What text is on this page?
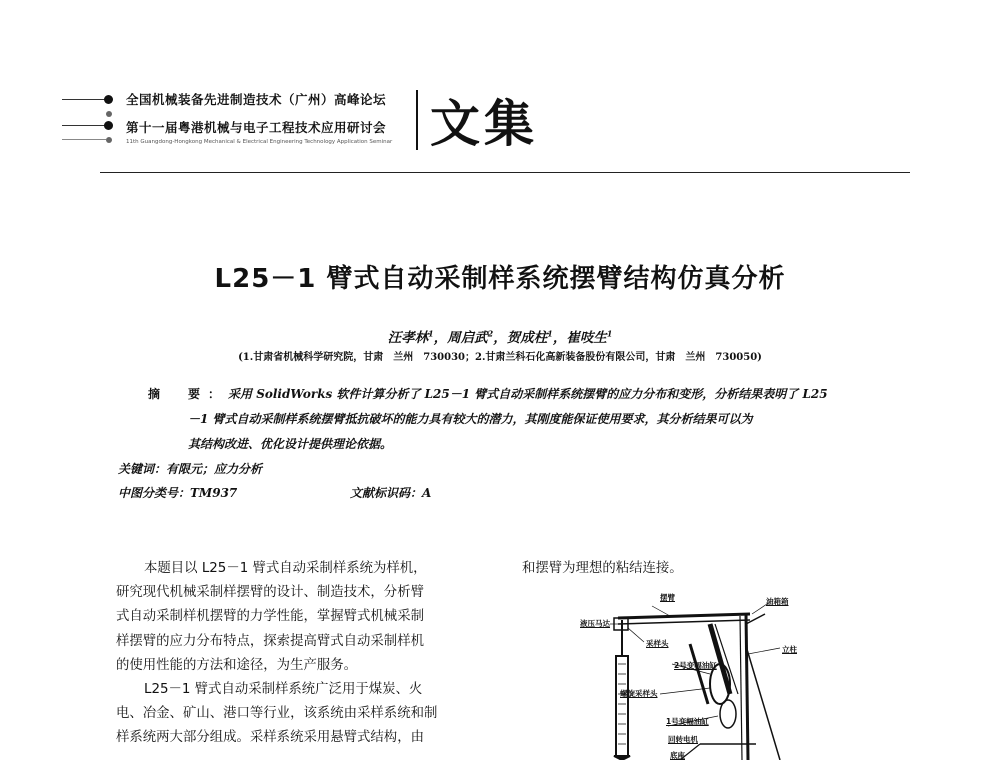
全国机械装备先进制造技术（广州）高峰论坛
第十一届粤港机械与电子工程技术应用研讨会
11th Guangdong-Hongkong Mechanical & Electrical Engineering Technology Application Seminar 文集
L25－1 臂式自动采制样系统摆臂结构仿真分析
汪孝林$^1$，周启武$^2$，贺成柱$^1$，崔吱生$^1$
(1.甘肃省机械科学研究院，甘肃　兰州　730030；2.甘肃兰科石化高新装备股份有限公司，甘肃　兰州　730050)
摘　要：采用 SolidWorks 软件计算分析了 L25－1 臂式自动采制样系统摆臂的应力分布和变形，分析结果表明了 L25
－1 臂式自动采制样系统摆臂抵抗破坏的能力具有较大的潜力，其刚度能保证使用要求，其分析结果可以为
其结构改进、优化设计提供理论依据。
关键词：有限元；应力分析
中图分类号：TM937	文献标识码：A
本题目以 L25－1 臂式自动采制样系统为样机，
研究现代机械采制样摆臂的设计、制造技术，分析臂
式自动采制样机摆臂的力学性能，掌握臂式机械采制
样摆臂的应力分布特点，探索提高臂式自动采制样机
的使用性能的方法和途径，为生产服务。
L25－1 臂式自动采制样系统广泛用于煤炭、火
电、冶金、矿山、港口等行业，该系统由采样系统和制
样系统两大部分组成。采样系统采用悬臂式结构，由
和摆臂为理想的粘结连接。
摆臂	油箱箱
液压马达
采样头
2号变幅油缸
立柱
螺旋采样头
1号变幅油缸
回转电机
底座
